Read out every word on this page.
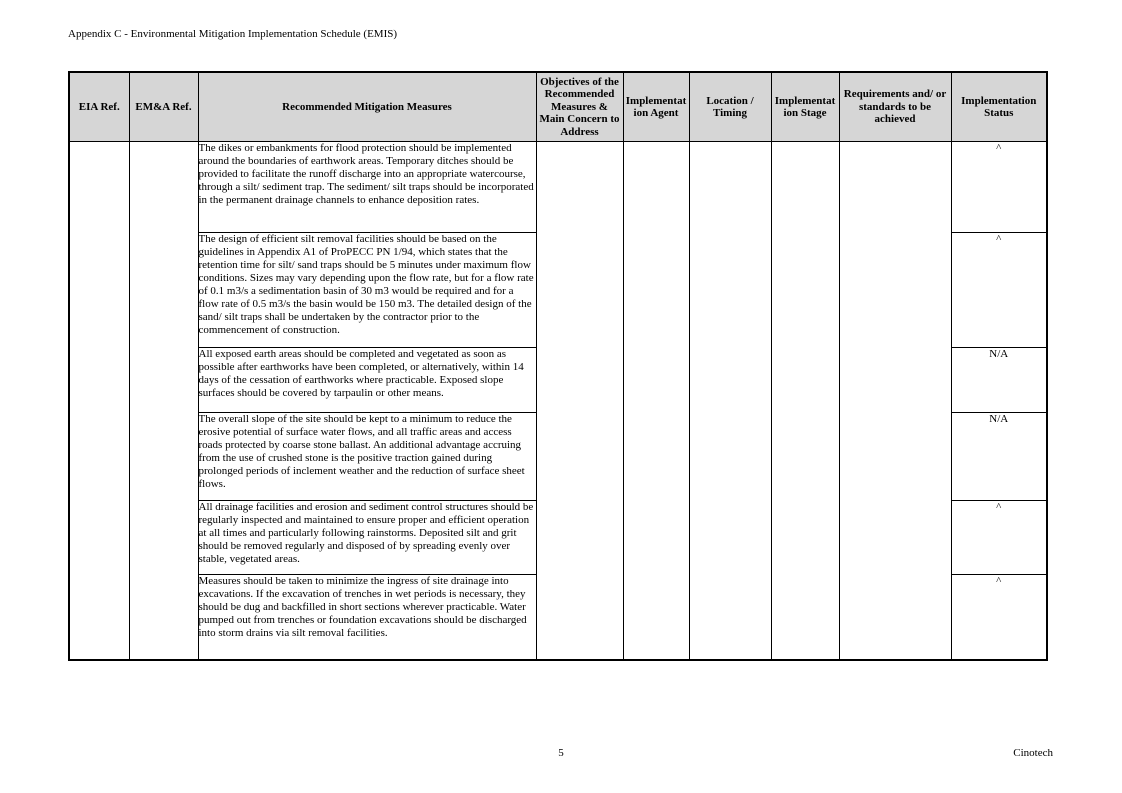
Appendix C - Environmental Mitigation Implementation Schedule (EMIS)
EIA Ref.	EM&A Ref.	Recommended Mitigation Measures	Objectives of the Recommended Measures & Main Concern to Address	Implementation Agent	Location / Timing	Implementation Stage	Requirements and/ or standards to be achieved	Implementation Status
		The dikes or embankments for flood protection should be implemented around the boundaries of earthwork areas. Temporary ditches should be provided to facilitate the runoff discharge into an appropriate watercourse, through a silt/ sediment trap. The sediment/ silt traps should be incorporated in the permanent drainage channels to enhance deposition rates.						^
		The design of efficient silt removal facilities should be based on the guidelines in Appendix A1 of ProPECC PN 1/94, which states that the retention time for silt/ sand traps should be 5 minutes under maximum flow conditions. Sizes may vary depending upon the flow rate, but for a flow rate of 0.1 m3/s a sedimentation basin of 30 m3 would be required and for a flow rate of 0.5 m3/s the basin would be 150 m3. The detailed design of the sand/ silt traps shall be undertaken by the contractor prior to the commencement of construction.						^
		All exposed earth areas should be completed and vegetated as soon as possible after earthworks have been completed, or alternatively, within 14 days of the cessation of earthworks where practicable. Exposed slope surfaces should be covered by tarpaulin or other means.						N/A
		The overall slope of the site should be kept to a minimum to reduce the erosive potential of surface water flows, and all traffic areas and access roads protected by coarse stone ballast. An additional advantage accruing from the use of crushed stone is the positive traction gained during prolonged periods of inclement weather and the reduction of surface sheet flows.						N/A
		All drainage facilities and erosion and sediment control structures should be regularly inspected and maintained to ensure proper and efficient operation at all times and particularly following rainstorms. Deposited silt and grit should be removed regularly and disposed of by spreading evenly over stable, vegetated areas.						^
		Measures should be taken to minimize the ingress of site drainage into excavations. If the excavation of trenches in wet periods is necessary, they should be dug and backfilled in short sections wherever practicable. Water pumped out from trenches or foundation excavations should be discharged into storm drains via silt removal facilities.						^
5	Cinotech
